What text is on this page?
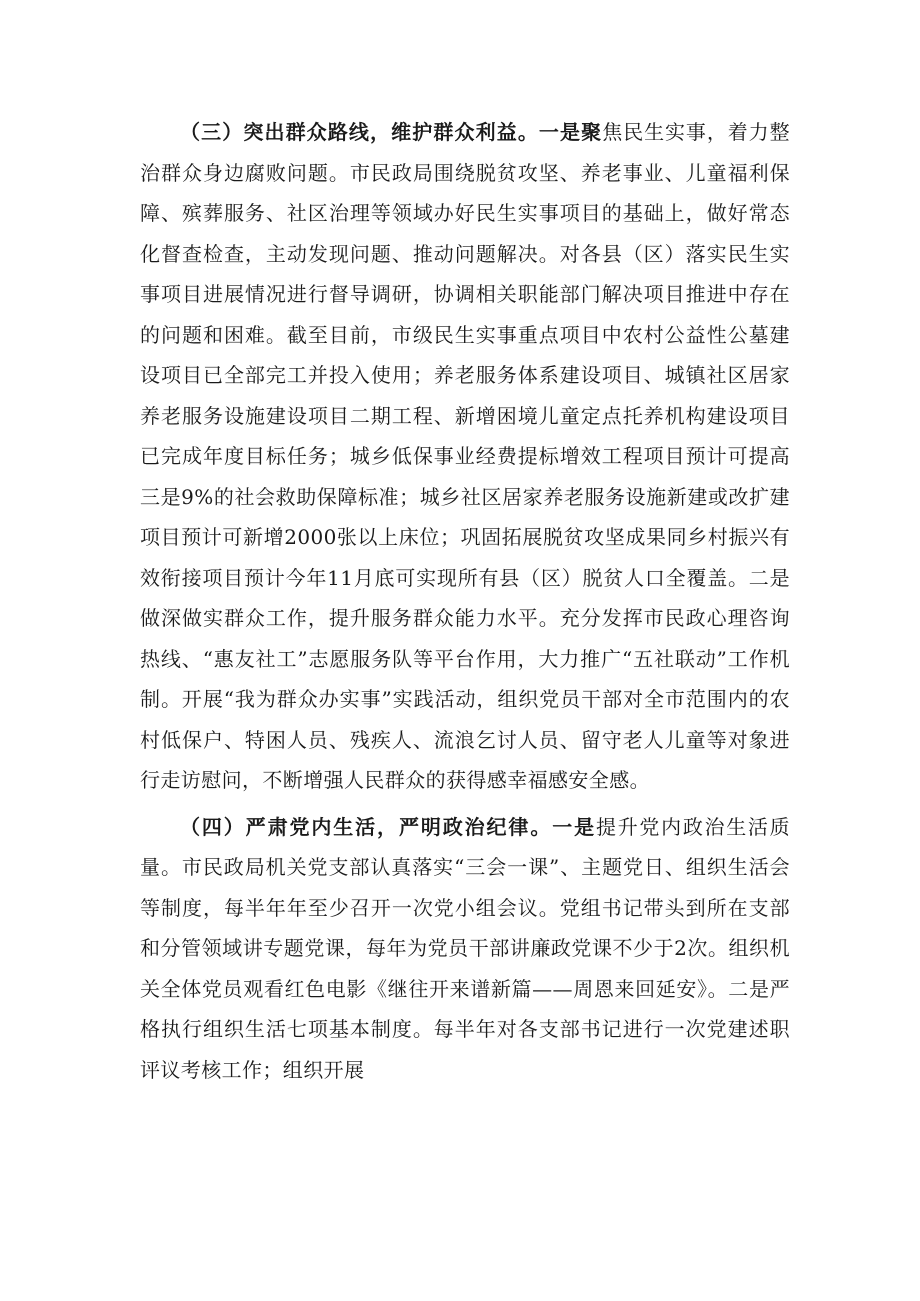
（三）突出群众路线，维护群众利益。一是聚焦民生实事，着力整治群众身边腐败问题。市民政局围绕脱贫攻坚、养老事业、儿童福利保障、殡葬服务、社区治理等领域办好民生实事项目的基础上，做好常态化督查检查，主动发现问题、推动问题解决。对各县（区）落实民生实事项目进展情况进行督导调研，协调相关职能部门解决项目推进中存在的问题和困难。截至目前，市级民生实事重点项目中农村公益性公墓建设项目已全部完工并投入使用；养老服务体系建设项目、城镇社区居家养老服务设施建设项目二期工程、新增困境儿童定点托养机构建设项目已完成年度目标任务；城乡低保事业经费提标增效工程项目预计可提高三是9%的社会救助保障标准；城乡社区居家养老服务设施新建或改扩建项目预计可新增2000张以上床位；巩固拓展脱贫攻坚成果同乡村振兴有效衔接项目预计今年11月底可实现所有县（区）脱贫人口全覆盖。二是做深做实群众工作，提升服务群众能力水平。充分发挥市民政心理咨询热线、“惠友社工”志愿服务队等平台作用，大力推广“五社联动”工作机制。开展“我为群众办实事”实践活动，组织党员干部对全市范围内的农村低保户、特困人员、残疾人、流浪乞讨人员、留守老人儿童等对象进行走访慰问，不断增强人民群众的获得感幸福感安全感。

（四）严肃党内生活，严明政治纪律。一是提升党内政治生活质量。市民政局机关党支部认真落实“三会一课”、主题党日、组织生活会等制度，每半年年至少召开一次党小组会议。党组书记带头到所在支部和分管领域讲专题党课，每年为党员干部讲廉政党课不少于2次。组织机关全体党员观看红色电影《继往开来谱新篇——周恩来回延安》。二是严格执行组织生活七项基本制度。每半年对各支部书记进行一次党建述职评议考核工作；组织开展
